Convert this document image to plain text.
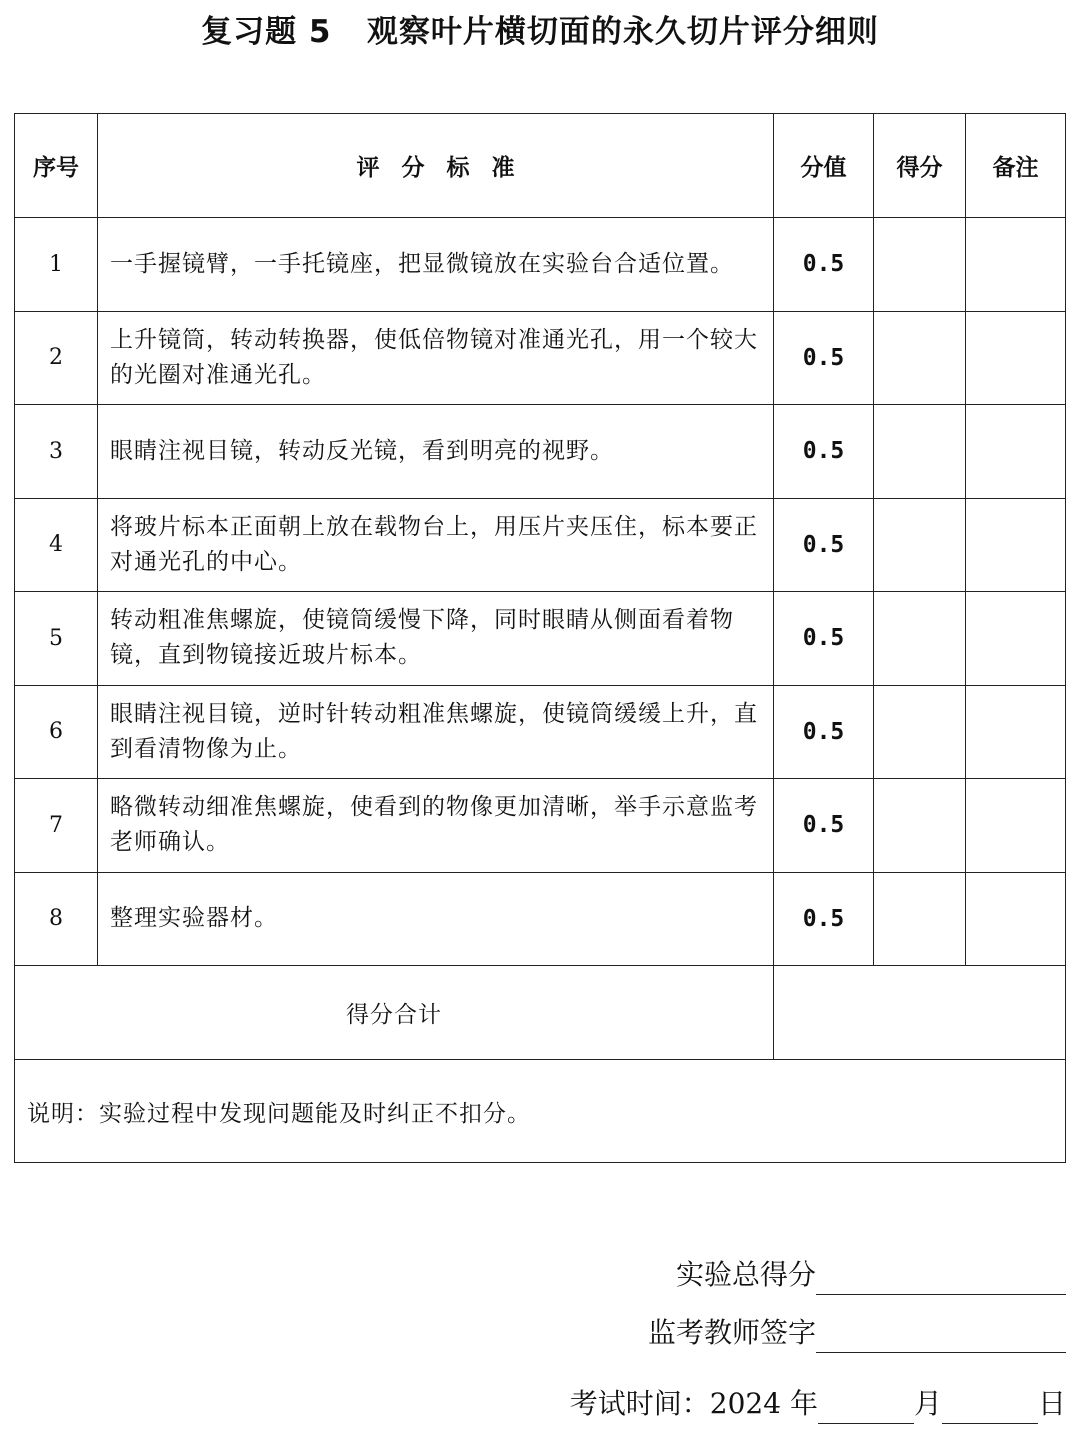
复习题 5   观察叶片横切面的永久切片评分细则
序号	评分标准	分值	得分	备注
1	一手握镜臂，一手托镜座，把显微镜放在实验台合适位置。	0.5		
2	上升镜筒，转动转换器，使低倍物镜对准通光孔，用一个较大的光圈对准通光孔。	0.5		
3	眼睛注视目镜，转动反光镜，看到明亮的视野。	0.5		
4	将玻片标本正面朝上放在载物台上，用压片夹压住，标本要正对通光孔的中心。	0.5		
5	转动粗准焦螺旋，使镜筒缓慢下降，同时眼睛从侧面看着物镜，直到物镜接近玻片标本。	0.5		
6	眼睛注视目镜，逆时针转动粗准焦螺旋，使镜筒缓缓上升，直到看清物像为止。	0.5		
7	略微转动细准焦螺旋，使看到的物像更加清晰，举手示意监考老师确认。	0.5		
8	整理实验器材。	0.5		
得分合计				
说明：实验过程中发现问题能及时纠正不扣分。				
实验总得分
监考教师签字
考试时间：2024 年	月	日
